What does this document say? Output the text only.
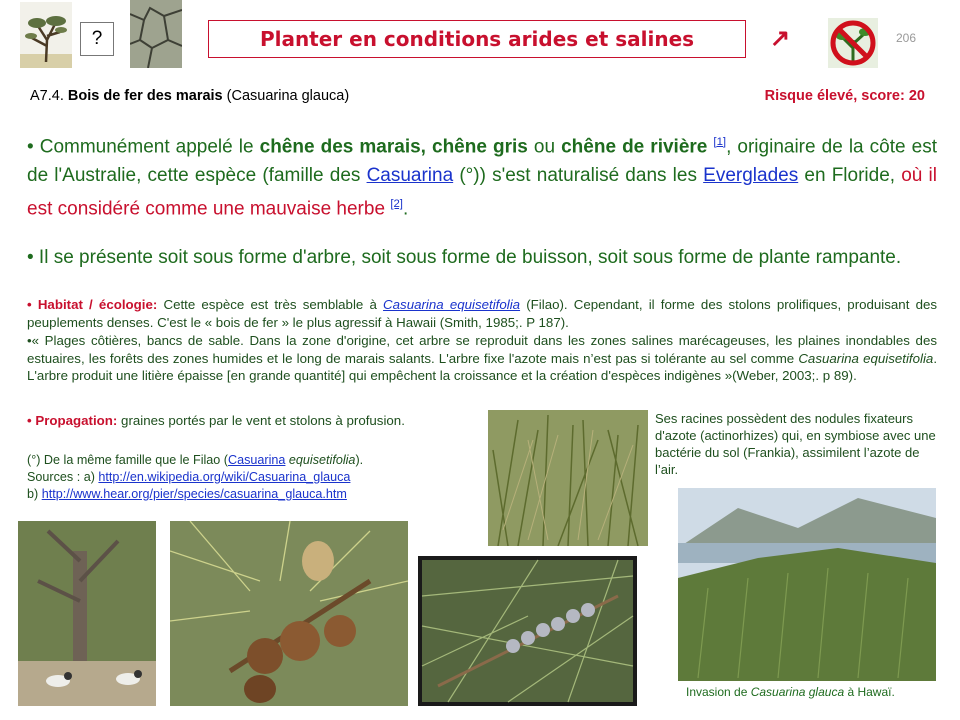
?	Planter en conditions arides et salines	↗	206
A7.4. Bois de fer des marais (Casuarina glauca)	Risque élevé, score: 20
• Communément appelé le chêne des marais, chêne gris ou chêne de rivière [1], originaire de la côte est de l'Australie, cette espèce (famille des Casuarina (°)) s'est naturalisé dans les Everglades en Floride, où il est considéré comme une mauvaise herbe [2].
• Il se présente soit sous forme d'arbre, soit sous forme de buisson, soit sous forme de plante rampante.
• Habitat / écologie: Cette espèce est très semblable à Casuarina equisetifolia (Filao). Cependant, il forme des stolons prolifiques, produisant des peuplements denses. C'est le « bois de fer » le plus agressif à Hawaii (Smith, 1985;. P 187).
•« Plages côtières, bancs de sable. Dans la zone d'origine, cet arbre se reproduit dans les zones salines marécageuses, les plaines inondables des estuaires, les forêts des zones humides et le long de marais salants. L'arbre fixe l'azote mais n’est pas si tolérante au sel comme Casuarina equisetifolia. L'arbre produit une litière épaisse [en grande quantité] qui empêchent la croissance et la création d'espèces indigènes »(Weber, 2003;. p 89).
• Propagation: graines portés par le vent et stolons à profusion.
(°) De la même famille que le Filao (Casuarina equisetifolia).
Sources : a) http://en.wikipedia.org/wiki/Casuarina_glauca
b) http://www.hear.org/pier/species/casuarina_glauca.htm
Ses racines possèdent des nodules fixateurs d'azote (actinorhizes) qui, en symbiose avec une bactérie du sol (Frankia), assimilent l’azote de l’air.
Invasion de Casuarina glauca à Hawaï.
